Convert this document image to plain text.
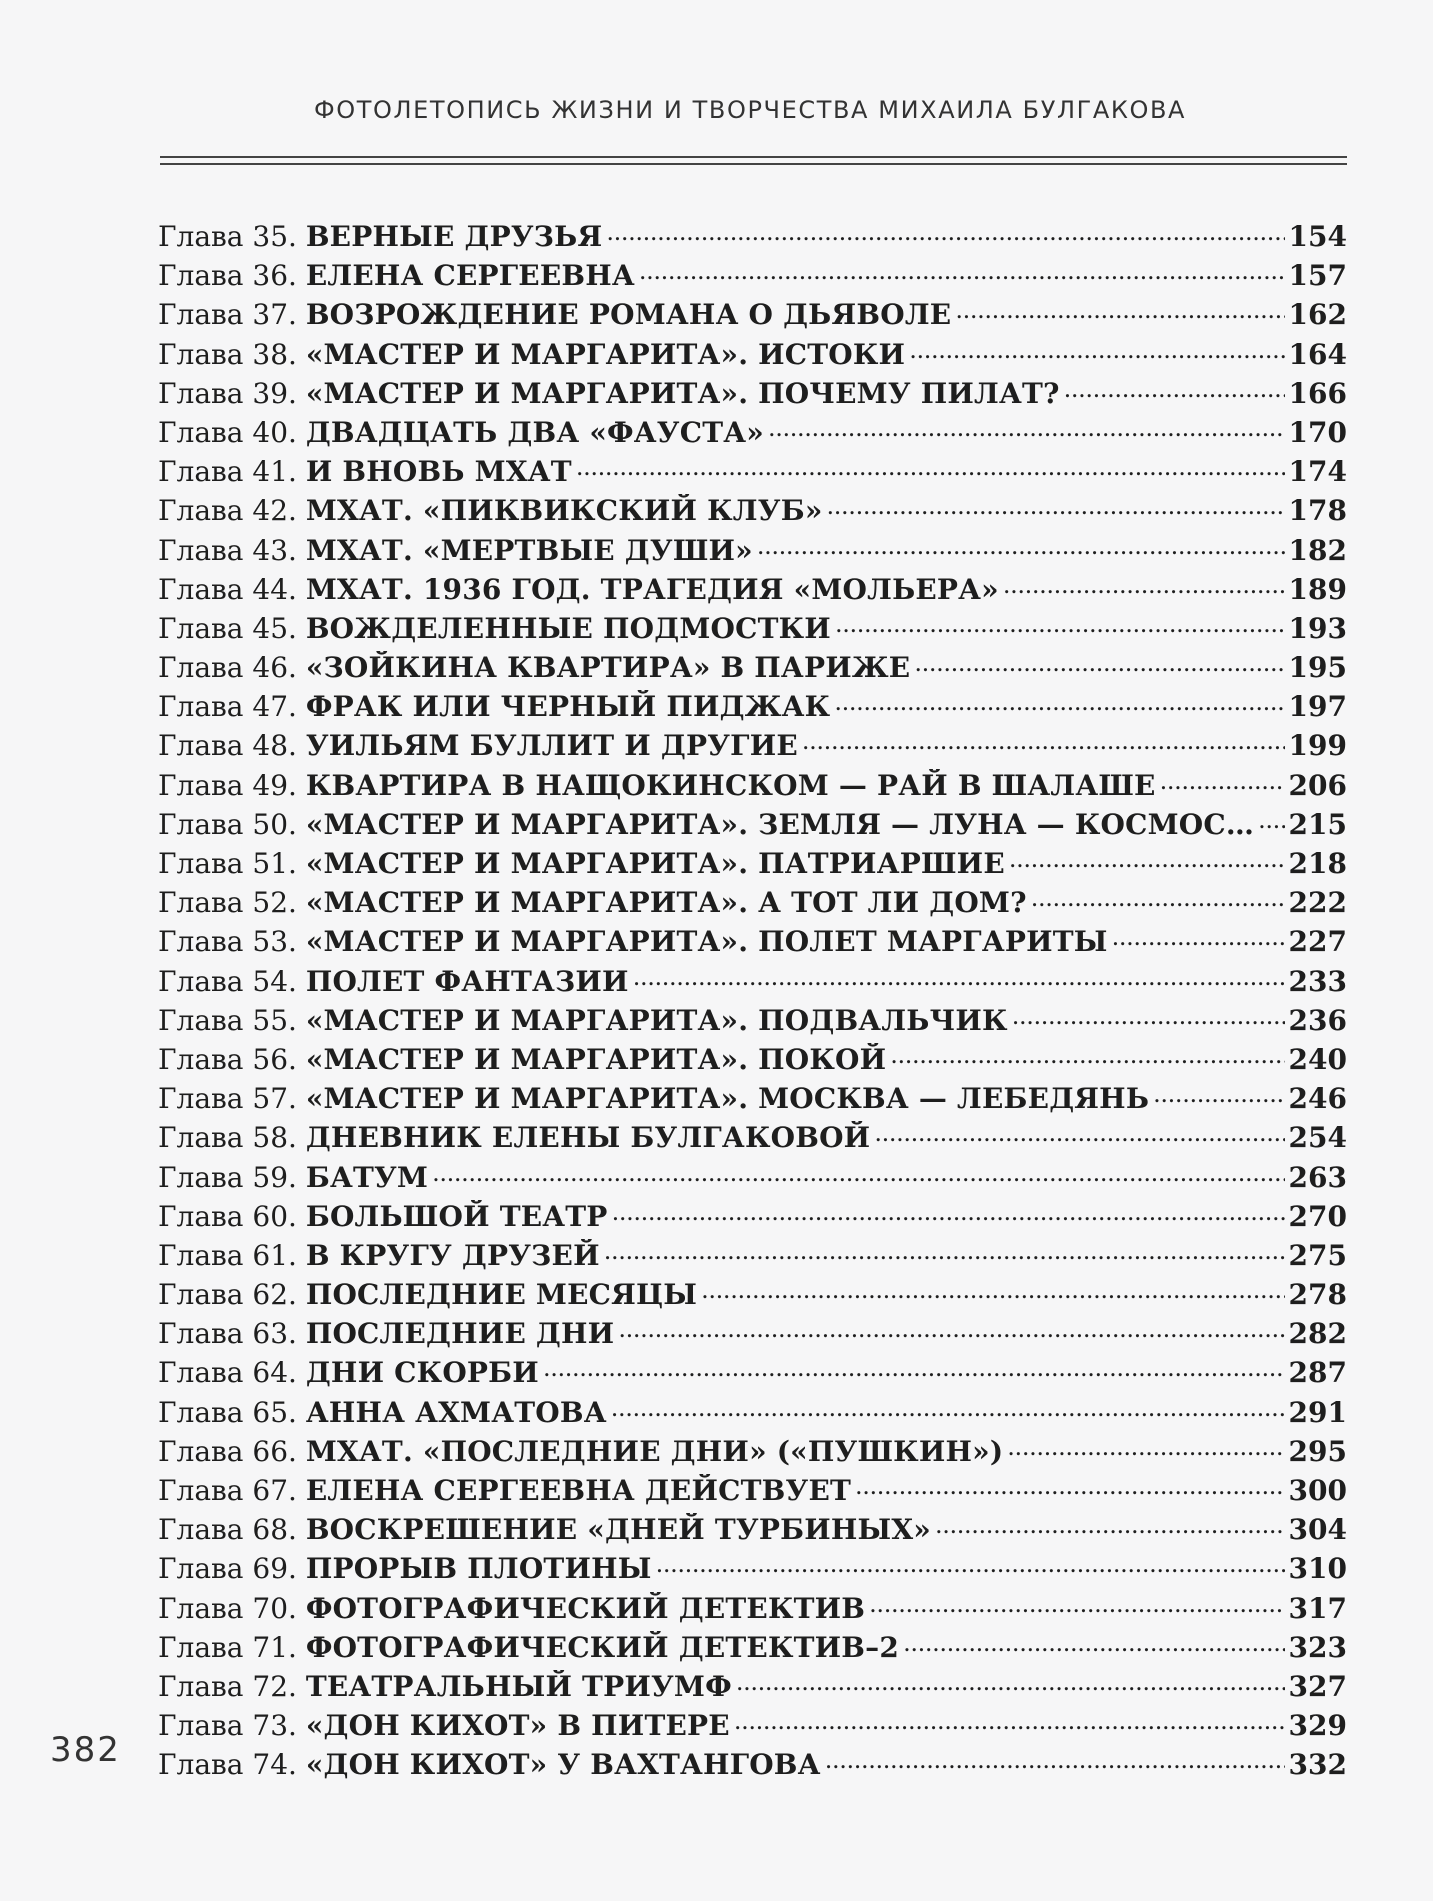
ФОТОЛЕТОПИСЬ ЖИЗНИ И ТВОРЧЕСТВА МИХАИЛА БУЛГАКОВА
Глава 35. ВЕРНЫЕ ДРУЗЬЯ . . .	154
Глава 36. ЕЛЕНА СЕРГЕЕВНА . . .	157
Глава 37. ВОЗРОЖДЕНИЕ РОМАНА О ДЬЯВОЛЕ . . .	162
Глава 38. «МАСТЕР И МАРГАРИТА». ИСТОКИ . . .	164
Глава 39. «МАСТЕР И МАРГАРИТА». ПОЧЕМУ ПИЛАТ? . . .	166
Глава 40. ДВАДЦАТЬ ДВА «ФАУСТА» . . .	170
Глава 41. И ВНОВЬ МХАТ . . .	174
Глава 42. МХАТ. «ПИКВИКСКИЙ КЛУБ» . . .	178
Глава 43. МХАТ. «МЕРТВЫЕ ДУШИ» . . .	182
Глава 44. МХАТ. 1936 ГОД. ТРАГЕДИЯ «МОЛЬЕРА» . . .	189
Глава 45. ВОЖДЕЛЕННЫЕ ПОДМОСТКИ . . .	193
Глава 46. «ЗОЙКИНА КВАРТИРА» В ПАРИЖЕ . . .	195
Глава 47. ФРАК ИЛИ ЧЕРНЫЙ ПИДЖАК . . .	197
Глава 48. УИЛЬЯМ БУЛЛИТ И ДРУГИЕ . . .	199
Глава 49. КВАРТИРА В НАЩОКИНСКОМ — РАЙ В ШАЛАШЕ . . .	206
Глава 50. «МАСТЕР И МАРГАРИТА». ЗЕМЛЯ — ЛУНА — КОСМОС… . . . 215
Глава 51. «МАСТЕР И МАРГАРИТА». ПАТРИАРШИЕ . . .	218
Глава 52. «МАСТЕР И МАРГАРИТА». А ТОТ ЛИ ДОМ? . . .	222
Глава 53. «МАСТЕР И МАРГАРИТА». ПОЛЕТ МАРГАРИТЫ . . .	227
Глава 54. ПОЛЕТ ФАНТАЗИИ . . .	233
Глава 55. «МАСТЕР И МАРГАРИТА». ПОДВАЛЬЧИК . . .	236
Глава 56. «МАСТЕР И МАРГАРИТА». ПОКОЙ . . .	240
Глава 57. «МАСТЕР И МАРГАРИТА». МОСКВА — ЛЕБЕДЯНЬ . . .	246
Глава 58. ДНЕВНИК ЕЛЕНЫ БУЛГАКОВОЙ . . .	254
Глава 59. БАТУМ . . .	263
Глава 60. БОЛЬШОЙ ТЕАТР . . .	270
Глава 61. В КРУГУ ДРУЗЕЙ . . .	275
Глава 62. ПОСЛЕДНИЕ МЕСЯЦЫ . . .	278
Глава 63. ПОСЛЕДНИЕ ДНИ . . .	282
Глава 64. ДНИ СКОРБИ . . .	287
Глава 65. АННА АХМАТОВА . . .	291
Глава 66. МХАТ. «ПОСЛЕДНИЕ ДНИ» («ПУШКИН») . . .	295
Глава 67. ЕЛЕНА СЕРГЕЕВНА ДЕЙСТВУЕТ . . .	300
Глава 68. ВОСКРЕШЕНИЕ «ДНЕЙ ТУРБИНЫХ» . . .	304
Глава 69. ПРОРЫВ ПЛОТИНЫ . . .	310
Глава 70. ФОТОГРАФИЧЕСКИЙ ДЕТЕКТИВ . . .	317
Глава 71. ФОТОГРАФИЧЕСКИЙ ДЕТЕКТИВ–2 . . .	323
Глава 72. ТЕАТРАЛЬНЫЙ ТРИУМФ . . .	327
Глава 73. «ДОН КИХОТ» В ПИТЕРЕ . . .	329
Глава 74. «ДОН КИХОТ» У ВАХТАНГОВА . . .	332
382
